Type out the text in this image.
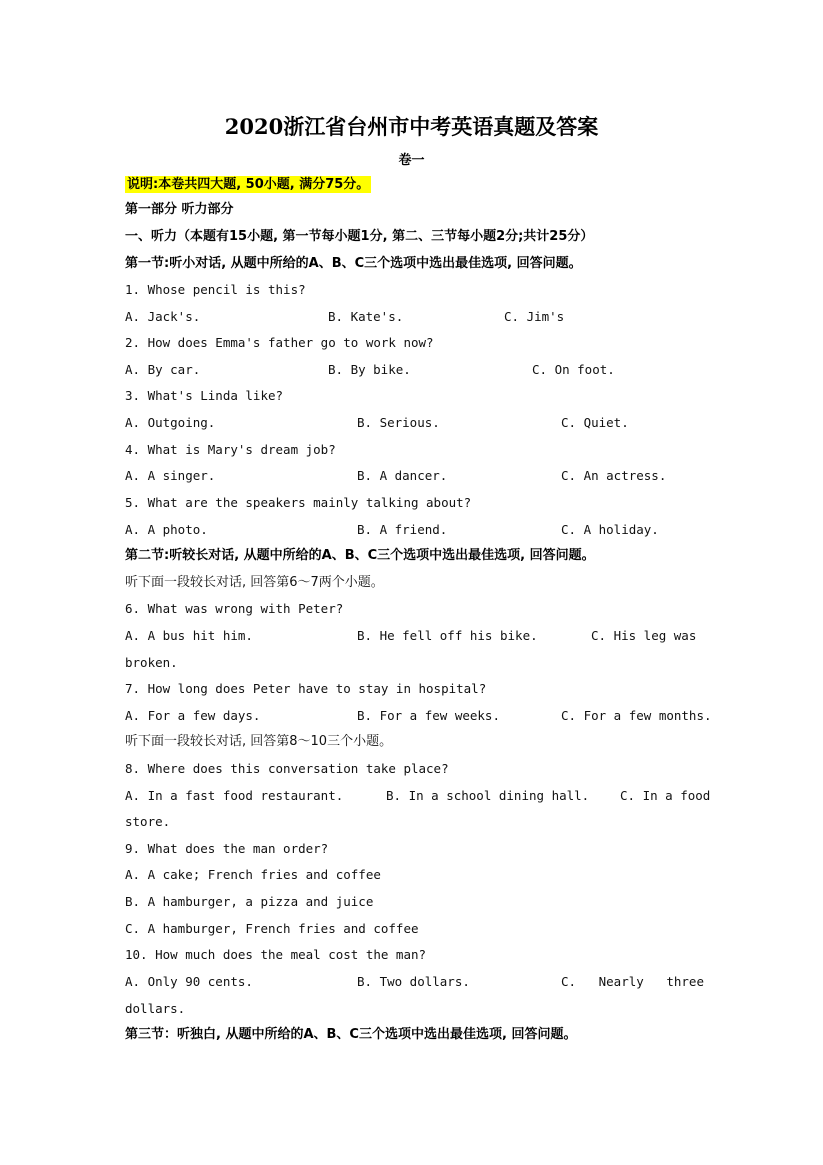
2020浙江省台州市中考英语真题及答案
卷一
说明:本卷共四大题, 50小题, 满分75分。
第一部分 听力部分
一、听力（本题有15小题, 第一节每小题1分, 第二、三节每小题2分;共计25分）
第一节:听小对话, 从题中所给的A、B、C三个选项中选出最佳选项, 回答问题。
1. Whose pencil is this?
A. Jack's.	B. Kate's.	C. Jim's
2. How does Emma's father go to work now?
A. By car.	B. By bike.	C. On foot.
3. What's Linda like?
A. Outgoing.	B. Serious.	C. Quiet.
4. What is Mary's dream job?
A. A singer.	B. A dancer.	C. An actress.
5. What are the speakers mainly talking about?
A. A photo.	B. A friend.	C. A holiday.
第二节:听较长对话, 从题中所给的A、B、C三个选项中选出最佳选项, 回答问题。
听下面一段较长对话, 回答第6～7两个小题。
6. What was wrong with Peter?
A. A bus hit him.	B. He fell off his bike.	C. His leg was
broken.
7. How long does Peter have to stay in hospital?
A. For a few days.	B. For a few weeks.	C. For a few months.
听下面一段较长对话, 回答第8～10三个小题。
8. Where does this conversation take place?
A. In a fast food restaurant.	B. In a school dining hall. C. In a food
store.
9. What does the man order?
A. A cake; French fries and coffee
B. A hamburger, a pizza and juice
C. A hamburger, French fries and coffee
10. How much does the meal cost the man?
A. Only 90 cents.	B. Two dollars.	C.   Nearly   three
dollars.
第三节：听独白, 从题中所给的A、B、C三个选项中选出最佳选项, 回答问题。
